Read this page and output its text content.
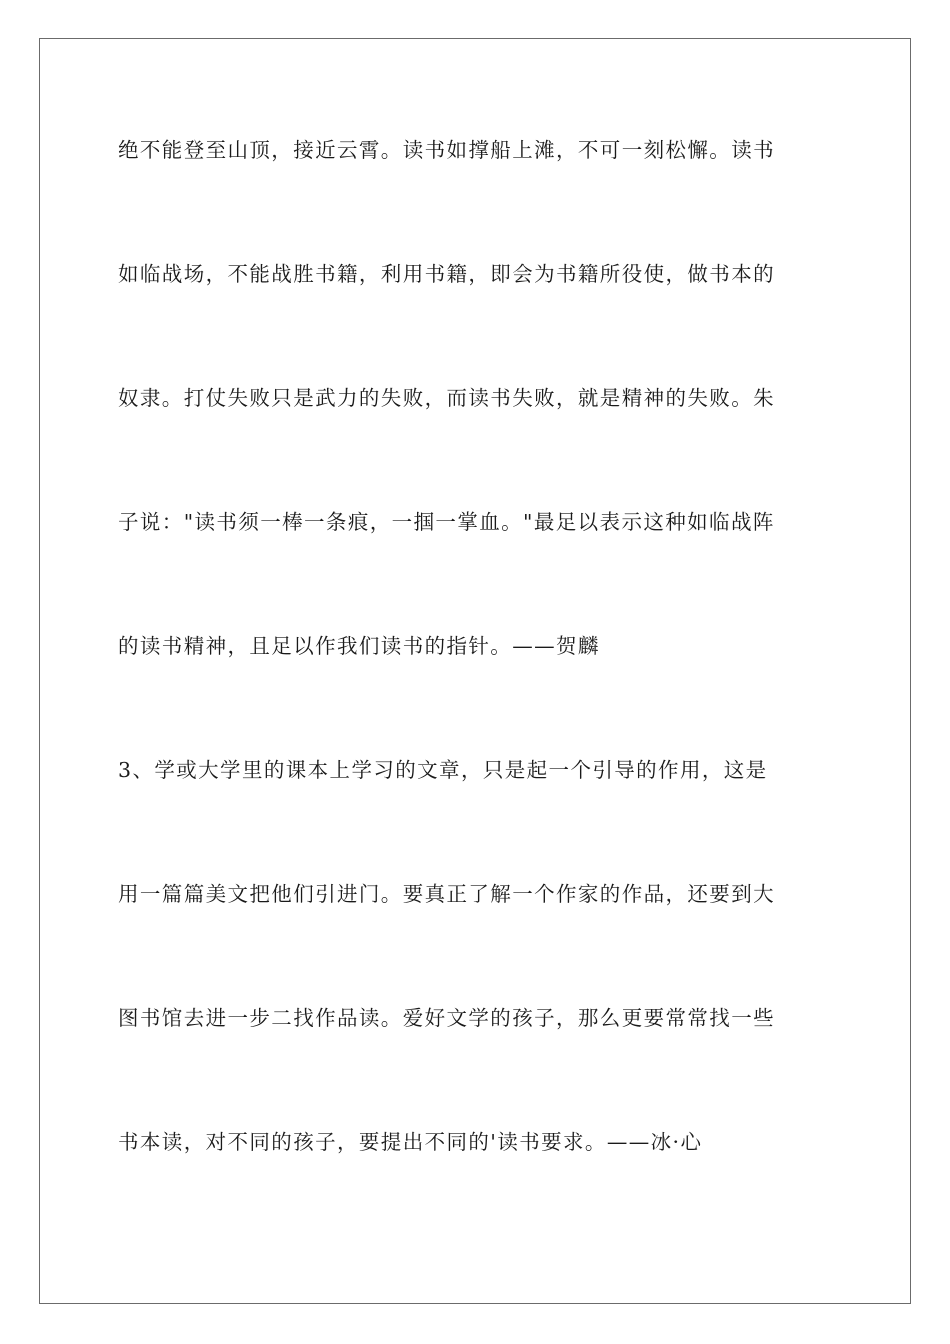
绝不能登至山顶，接近云霄。读书如撑船上滩，不可一刻松懈。读书
如临战场，不能战胜书籍，利用书籍，即会为书籍所役使，做书本的
奴隶。打仗失败只是武力的失败，而读书失败，就是精神的失败。朱
子说："读书须一棒一条痕，一掴一掌血。"最足以表示这种如临战阵
的读书精神，且足以作我们读书的指针。——贺麟
3、学或大学里的课本上学习的文章，只是起一个引导的作用，这是
用一篇篇美文把他们引进门。要真正了解一个作家的作品，还要到大
图书馆去进一步二找作品读。爱好文学的孩子，那么更要常常找一些
书本读，对不同的孩子，要提出不同的'读书要求。——冰·心
